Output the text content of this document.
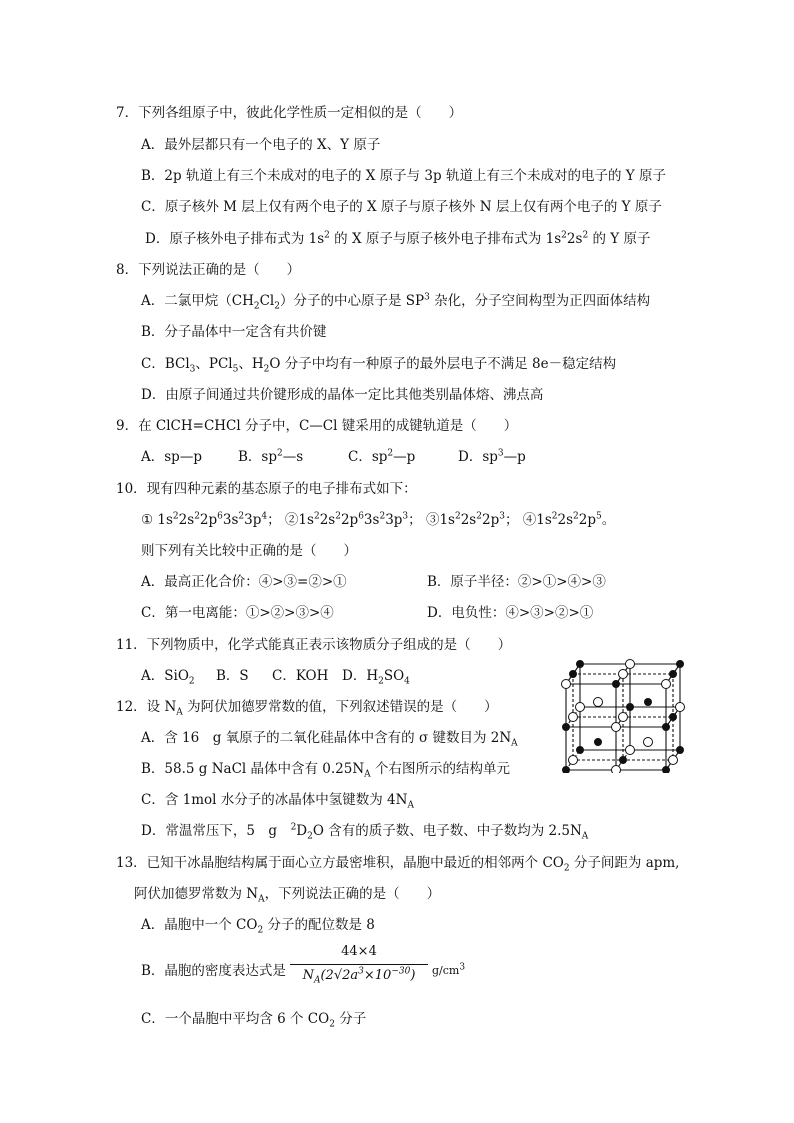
7．下列各组原子中，彼此化学性质一定相似的是（　　）
A．最外层都只有一个电子的 X、Y 原子
B．2p 轨道上有三个未成对的电子的 X 原子与 3p 轨道上有三个未成对的电子的 Y 原子
C．原子核外 M 层上仅有两个电子的 X 原子与原子核外 N 层上仅有两个电子的 Y 原子
D．原子核外电子排布式为 $1s^2$ 的 X 原子与原子核外电子排布式为 $1s^22s^2$ 的 Y 原子
8．下列说法正确的是（　　）
A．二氯甲烷$(CH_2Cl_2)$分子的中心原子是 $SP^3$ 杂化，分子空间构型为正四面体结构
B．分子晶体中一定含有共价键
C．BCl$_3$、PCl$_5$、$H_2O$ 分子中均有一种原子的最外层电子不满足 8e－稳定结构
D．由原子间通过共价键形成的晶体一定比其他类别晶体熔、沸点高
9．在 ClCH=CHCl 分子中，C—Cl 键采用的成键轨道是（　　）
A．sp—p	B．$sp^2—s$	C．$sp^2—p$	D．$sp^3—p$
10．现有四种元素的基态原子的电子排布式如下：
① $1s^22s^22p^63s^23p^4$； $②1s^22s^22p^63s^23p^3$； $③1s^22s^22p^3$； $④1s^22s^22p^5$。
则下列有关比较中正确的是（　　）
A．最高正化合价：④>③=②>①	B．原子半径：②>①>④>③
C．第一电离能：①>②>③>④	D．电负性：④>③>②>①
11．下列物质中，化学式能真正表示该物质分子组成的是（　　）
A．SiO$_2$ B．S C．KOH D．$H_2SO_4$
12．设 $N_A$ 为阿伏加德罗常数的值，下列叙述错误的是（　　）
A．含 16　g 氧原子的二氧化硅晶体中含有的 σ 键数目为 $2N_A$
B．58.5 g NaCl 晶体中含有 $0.25N_A$ 个右图所示的结构单元
C．含 1mol 水分子的冰晶体中氢键数为 $4N_A$
D．常温常压下，5　g　$^2D_2O$ 含有的质子数、电子数、中子数均为 $2.5N_A$
13．已知干冰晶胞结构属于面心立方最密堆积，晶胞中最近的相邻两个 $CO_2$ 分子间距为 apm,
阿伏加德罗常数为 $N_A$，下列说法正确的是（　　）
A．晶胞中一个 $CO_2$ 分子的配位数是 8
B．晶胞的密度表达式是
44×4
$N_A(2√2a^3\times 10^{-30})$	$g/cm^3$
C．一个晶胞中平均含 6 个 $CO_2$ 分子
